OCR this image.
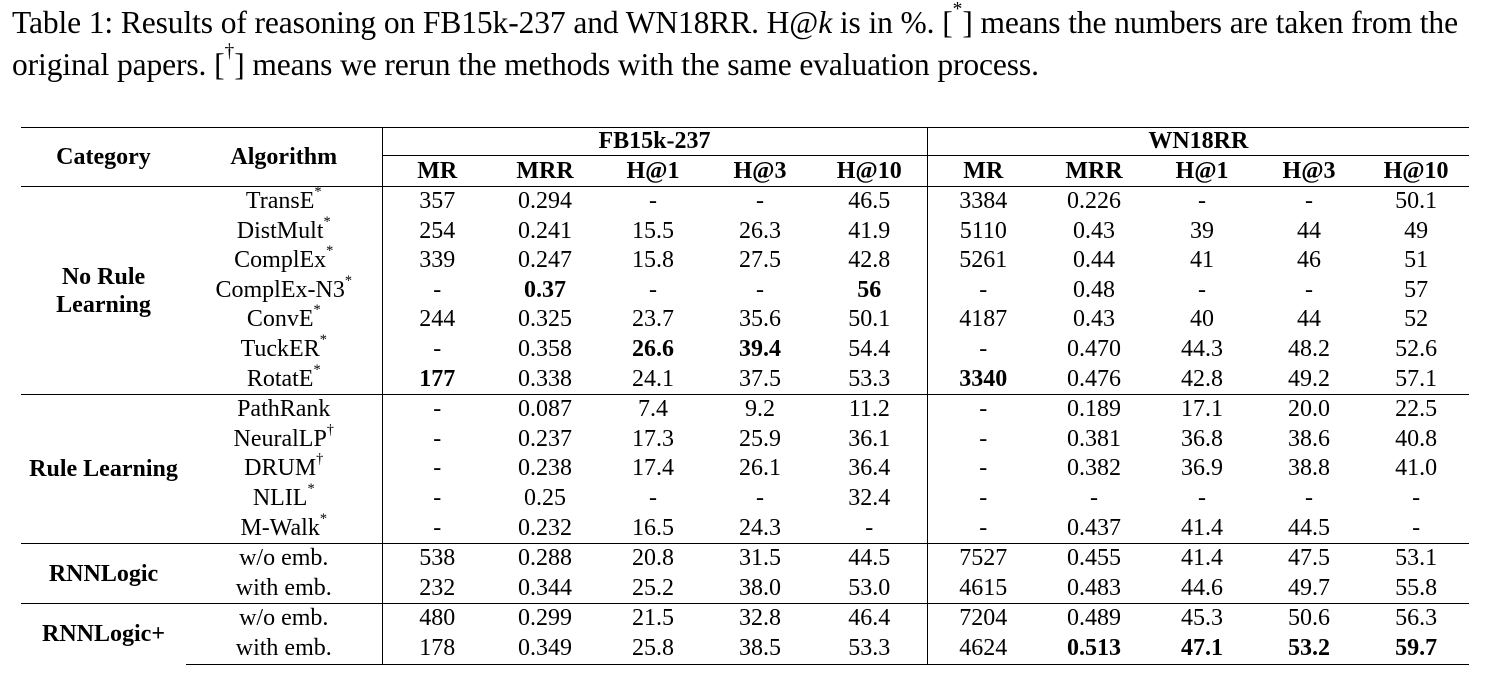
Table 1: Results of reasoning on FB15k-237 and WN18RR. H@k is in %. [*] means the numbers are taken from the original papers. [†] means we rerun the methods with the same evaluation process.
Category	Algorithm	FB15k-237					WN18RR				
		MR	MRR	H@1	H@3	H@10	MR	MRR	H@1	H@3	H@10
No Rule Learning	TransE*	357	0.294	-	-	46.5	3384	0.226	-	-	50.1
	DistMult*	254	0.241	15.5	26.3	41.9	5110	0.43	39	44	49
	ComplEx*	339	0.247	15.8	27.5	42.8	5261	0.44	41	46	51
	ComplEx-N3*	-	0.37	-	-	56	-	0.48	-	-	57
	ConvE*	244	0.325	23.7	35.6	50.1	4187	0.43	40	44	52
	TuckER*	-	0.358	26.6	39.4	54.4	-	0.470	44.3	48.2	52.6
	RotatE*	177	0.338	24.1	37.5	53.3	3340	0.476	42.8	49.2	57.1
Rule Learning	PathRank	-	0.087	7.4	9.2	11.2	-	0.189	17.1	20.0	22.5
	NeuralLP†	-	0.237	17.3	25.9	36.1	-	0.381	36.8	38.6	40.8
	DRUM†	-	0.238	17.4	26.1	36.4	-	0.382	36.9	38.8	41.0
	NLIL*	-	0.25	-	-	32.4	-	-	-	-	-
	M-Walk*	-	0.232	16.5	24.3	-	-	0.437	41.4	44.5	-
RNNLogic	w/o emb.	538	0.288	20.8	31.5	44.5	7527	0.455	41.4	47.5	53.1
	with emb.	232	0.344	25.2	38.0	53.0	4615	0.483	44.6	49.7	55.8
RNNLogic+	w/o emb.	480	0.299	21.5	32.8	46.4	7204	0.489	45.3	50.6	56.3
	with emb.	178	0.349	25.8	38.5	53.3	4624	0.513	47.1	53.2	59.7
